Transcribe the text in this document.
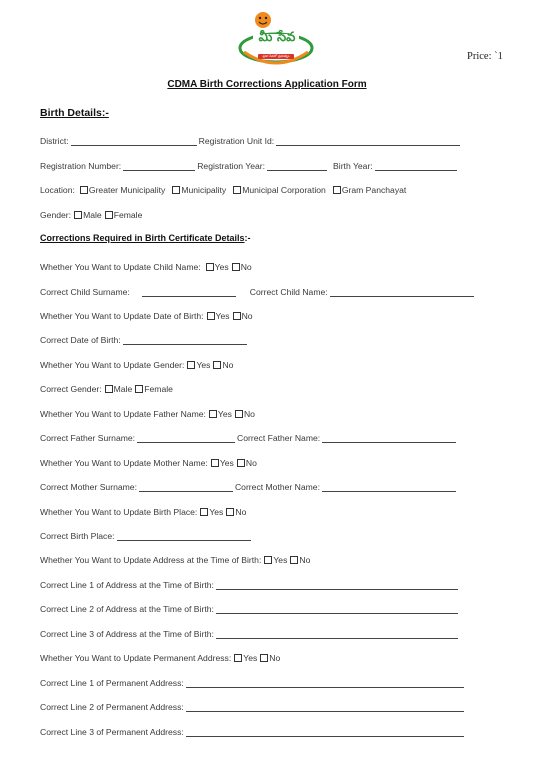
మీ సేవ
ప్రజా సేవలో ప్రభుత్వం	Price: `1
CDMA Birth Corrections Application Form
Birth Details:-
District:	Registration Unit Id:
Registration Number:	Registration Year:	Birth Year:
Location: Greater Municipality Municipality Municipal Corporation Gram Panchayat
Gender: Male Female
Corrections Required in Birth Certificate Details:-
Whether You Want to Update Child Name: Yes No
Correct Child Surname:	Correct Child Name:
Whether You Want to Update Date of Birth: Yes No
Correct Date of Birth:
Whether You Want to Update Gender: Yes No
Correct Gender: Male Female
Whether You Want to Update Father Name: Yes No
Correct Father Surname:	Correct Father Name:
Whether You Want to Update Mother Name: Yes No
Correct Mother Surname:	Correct Mother Name:
Whether You Want to Update Birth Place: Yes No
Correct Birth Place:
Whether You Want to Update Address at the Time of Birth: Yes No
Correct Line 1 of Address at the Time of Birth:
Correct Line 2 of Address at the Time of Birth:
Correct Line 3 of Address at the Time of Birth:
Whether You Want to Update Permanent Address: Yes No
Correct Line 1 of Permanent Address:
Correct Line 2 of Permanent Address:
Correct Line 3 of Permanent Address:
